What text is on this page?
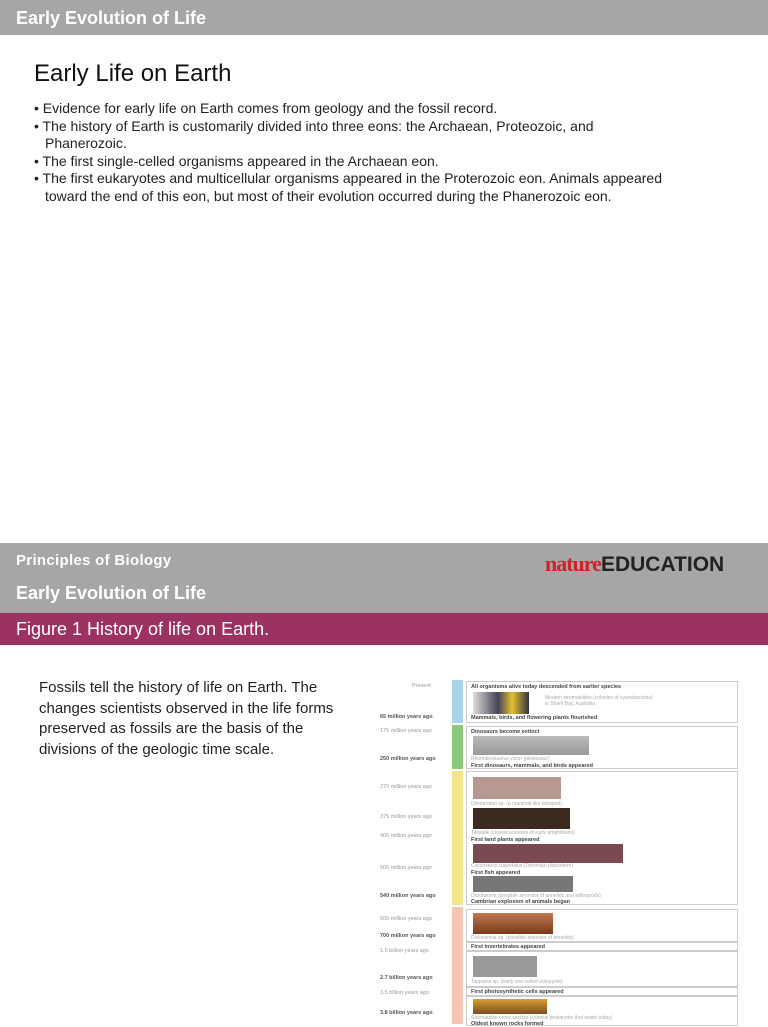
Early Evolution of Life
Early Life on Earth
• Evidence for early life on Earth comes from geology and the fossil record.
• The history of Earth is customarily divided into three eons: the Archaean, Proteozoic, and Phanerozoic.
• The first single-celled organisms appeared in the Archaean eon.
• The first eukaryotes and multicellular organisms appeared in the Proterozoic eon. Animals appeared toward the end of this eon, but most of their evolution occurred during the Phanerozoic eon.
Principles of Biology
Early Evolution of Life
natureEDUCATION
Figure 1 History of life on Earth.
Fossils tell the history of life on Earth. The changes scientists observed in the life forms preserved as fossils are the basis of the divisions of the geologic time scale.
Present
65 million years ago
175 million years ago
250 million years ago
270 million years ago
375 million years ago
400 million years ago
500 million years ago
540 million years ago
565 million years ago
700 million years ago
1.5 billion years ago
2.7 billion years ago
3.5 billion years ago
3.8 billion years ago
All organisms alive today descended from earlier species
Modern stromatolites (colonies of cyanobacteria) in Shark Bay, Australia
Mammals, birds, and flowering plants flourished
Dinosaurs become extinct
Rhomaleosaurus victor (plesiosaur)
First dinosaurs, mammals, and birds appeared
Dimetrodon sp. (a mammal-like tetrapod)
Tiktaalik (closest ancestor of early amphibians)
First land plants appeared
Coccosteus cuspidatus (Devonian placoderm)
First fish appeared
Dickinsonia (possible ancestor of annelids and arthropods)
Cambrian explosion of animals began
Dickinsonia sp. (possible ancestor of annelids)
First invertebrates appeared
Tappania sp. (early one-celled eukaryote)
First photosynthetic cells appeared
Stromatolite cross section (colonial prokaryote that exists today)
Oldest known rocks formed
